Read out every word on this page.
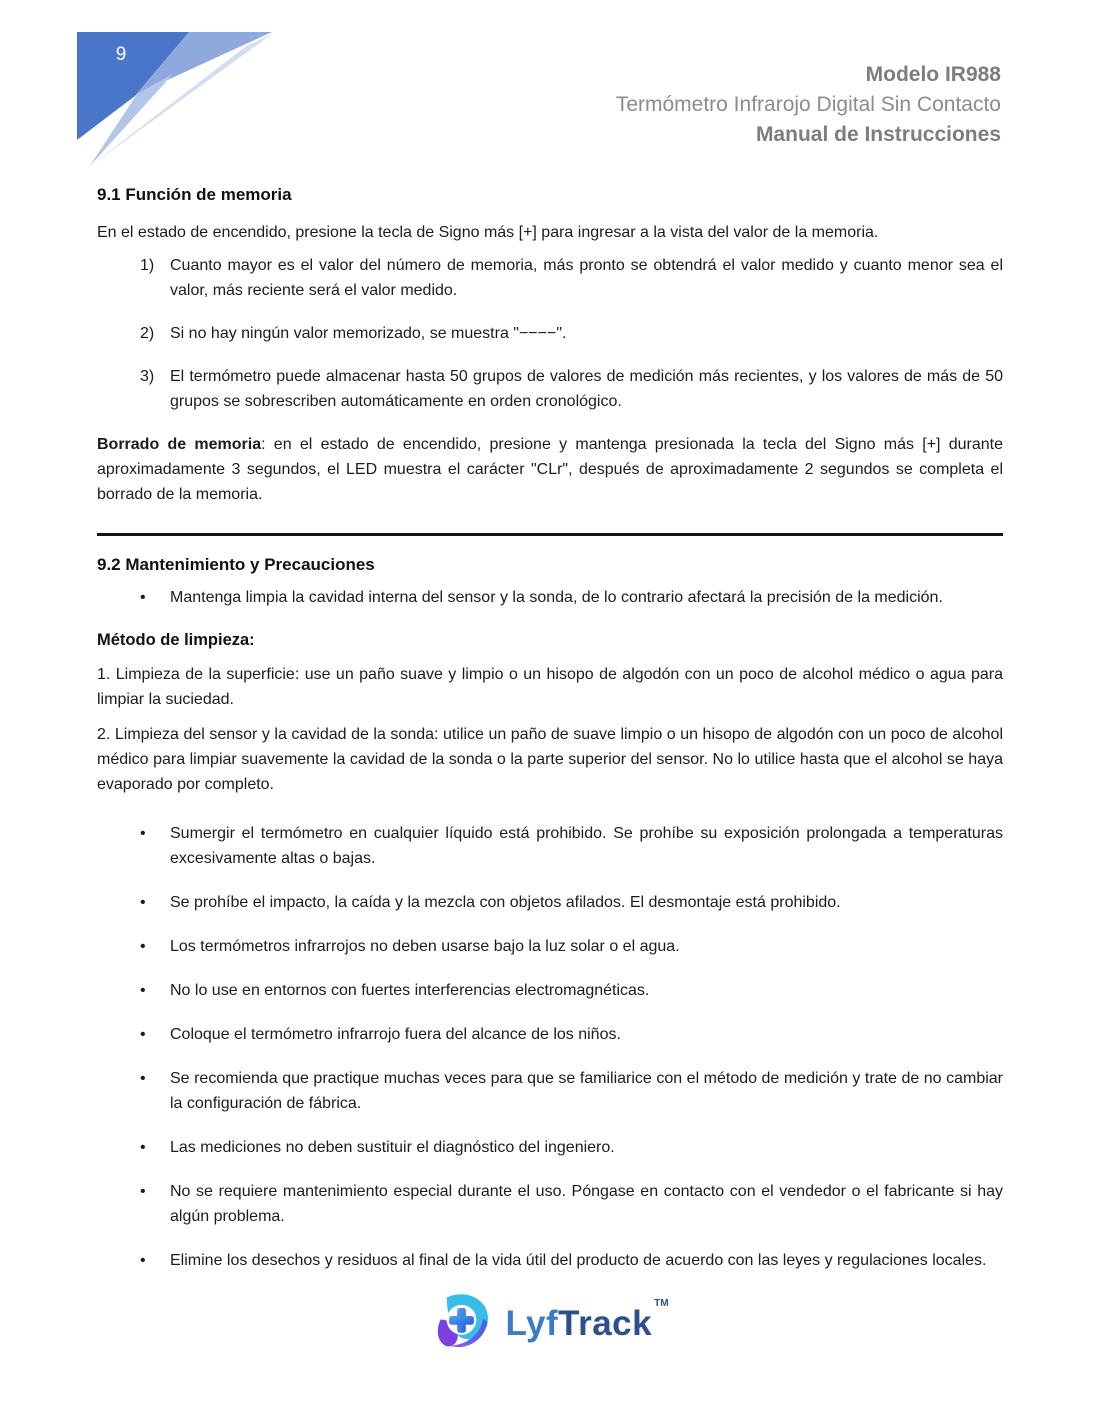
9
Modelo IR988
Termómetro Infrarojo Digital Sin Contacto
Manual de Instrucciones
9.1 Función de memoria

En el estado de encendido, presione la tecla de Signo más [+] para ingresar a la vista del valor de la memoria.

1) Cuanto mayor es el valor del número de memoria, más pronto se obtendrá el valor medido y cuanto menor sea el valor, más reciente será el valor medido.

2) Si no hay ningún valor memorizado, se muestra "−−−−".

3) El termómetro puede almacenar hasta 50 grupos de valores de medición más recientes, y los valores de más de 50 grupos se sobrescriben automáticamente en orden cronológico.

Borrado de memoria: en el estado de encendido, presione y mantenga presionada la tecla del Signo más [+] durante aproximadamente 3 segundos, el LED muestra el carácter "CLr", después de aproximadamente 2 segundos se completa el borrado de la memoria.

9.2 Mantenimiento y Precauciones
•	Mantenga limpia la cavidad interna del sensor y la sonda, de lo contrario afectará la precisión de la medición.

Método de limpieza:

1. Limpieza de la superficie: use un paño suave y limpio o un hisopo de algodón con un poco de alcohol médico o agua para limpiar la suciedad.

2. Limpieza del sensor y la cavidad de la sonda: utilice un paño de suave limpio o un hisopo de algodón con un poco de alcohol médico para limpiar suavemente la cavidad de la sonda o la parte superior del sensor. No lo utilice hasta que el alcohol se haya evaporado por completo.

•	Sumergir el termómetro en cualquier líquido está prohibido. Se prohíbe su exposición prolongada a temperaturas excesivamente altas o bajas.

•	Se prohíbe el impacto, la caída y la mezcla con objetos afilados. El desmontaje está prohibido.

•	Los termómetros infrarrojos no deben usarse bajo la luz solar o el agua.

•	No lo use en entornos con fuertes interferencias electromagnéticas.

•	Coloque el termómetro infrarrojo fuera del alcance de los niños.

•	Se recomienda que practique muchas veces para que se familiarice con el método de medición y trate de no cambiar la configuración de fábrica.

•	Las mediciones no deben sustituir el diagnóstico del ingeniero.

•	No se requiere mantenimiento especial durante el uso. Póngase en contacto con el vendedor o el fabricante si hay algún problema.

•	Elimine los desechos y residuos al final de la vida útil del producto de acuerdo con las leyes y regulaciones locales.

LyfTrack™
